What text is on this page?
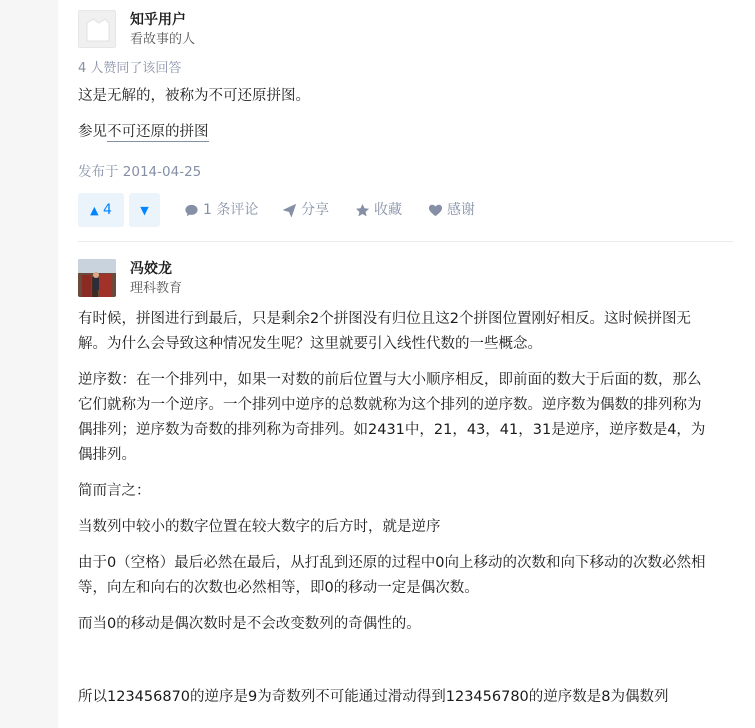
知乎用户
看故事的人
4 人赞同了该回答

这是无解的，被称为不可还原拼图。

参见不可还原的拼图

发布于 2014-04-25
▲ 4	▼	1 条评论	分享	收藏	感谢
冯姣龙
理科教育

有时候，拼图进行到最后，只是剩余2个拼图没有归位且这2个拼图位置刚好相反。这时候拼图无
解。为什么会导致这种情况发生呢？这里就要引入线性代数的一些概念。

逆序数：在一个排列中，如果一对数的前后位置与大小顺序相反，即前面的数大于后面的数，那么
它们就称为一个逆序。一个排列中逆序的总数就称为这个排列的逆序数。逆序数为偶数的排列称为
偶排列；逆序数为奇数的排列称为奇排列。如2431中，21，43，41，31是逆序，逆序数是4，为
偶排列。

简而言之：

当数列中较小的数字位置在较大数字的后方时，就是逆序

由于0（空格）最后必然在最后，从打乱到还原的过程中0向上移动的次数和向下移动的次数必然相
等，向左和向右的次数也必然相等，即0的移动一定是偶次数。

而当0的移动是偶次数时是不会改变数列的奇偶性的。

所以123456870的逆序是9为奇数列不可能通过滑动得到123456780的逆序数是8为偶数列
